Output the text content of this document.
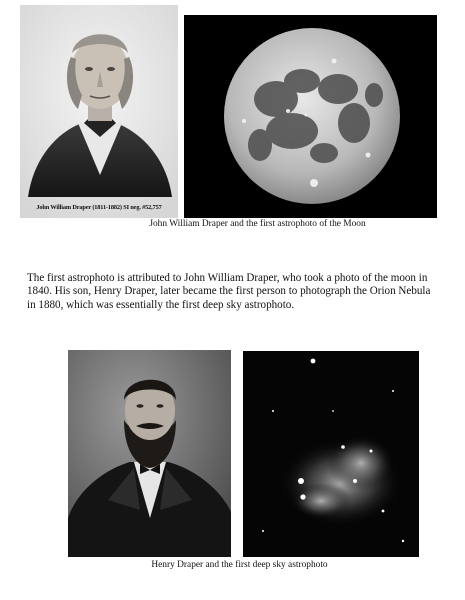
John William Draper (1811-1882) SI neg. #52,757
John William Draper and the first astrophoto of the Moon

The first astrophoto is attributed to John William Draper, who took a photo of the moon in 1840. His son, Henry Draper, later became the first person to photograph the Orion Nebula in 1880, which was essentially the first deep sky astrophoto.

Henry Draper and the first deep sky astrophoto
